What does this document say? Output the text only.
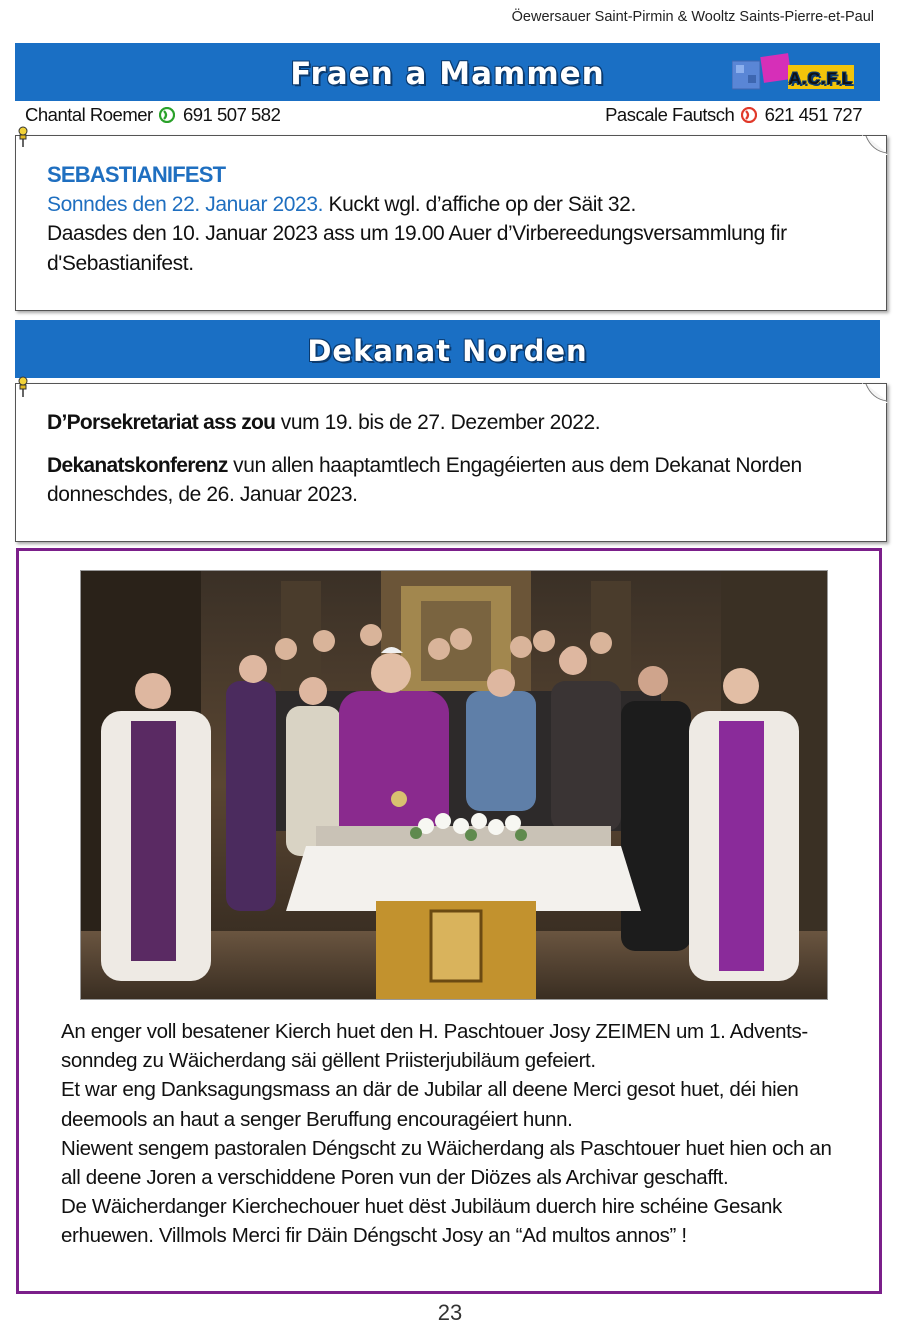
Öewersauer Saint-Pirmin & Wooltz Saints-Pierre-et-Paul
Fraen a Mammen	A.C.F.L
Chantal Roemer 691 507 582	Pascale Fautsch 621 451 727
SEBASTIANIFEST
Sonndes den 22. Januar 2023. Kuckt wgl. d’affiche op der Säit 32.
Daasdes den 10. Januar 2023 ass um 19.00 Auer d’Virbereedungsversammlung fir d'Sebastianifest.
Dekanat Norden
D’Porsekretariat ass zou vum 19. bis de 27. Dezember 2022.
Dekanatskonferenz vun allen haaptamtlech Engagéierten aus dem Dekanat Norden donneschdes, de 26. Januar 2023.

An enger voll besatener Kierch huet den H. Paschtouer Josy ZEIMEN um 1. Advents-sonndeg zu Wäicherdang säi gëllent Priisterjubiläum gefeiert.

Et war eng Danksagungsmass an där de Jubilar all deene Merci gesot huet, déi hien deemools an haut a senger Beruffung encouragéiert hunn.

Niewent sengem pastoralen Déngscht zu Wäicherdang als Paschtouer huet hien och an all deene Joren a verschiddene Poren vun der Diözes als Archivar geschafft.

De Wäicherdanger Kierchechouer huet dëst Jubiläum duerch hire schéine Gesank erhuewen. Villmols Merci fir Däin Déngscht Josy an “Ad multos annos” !

23
